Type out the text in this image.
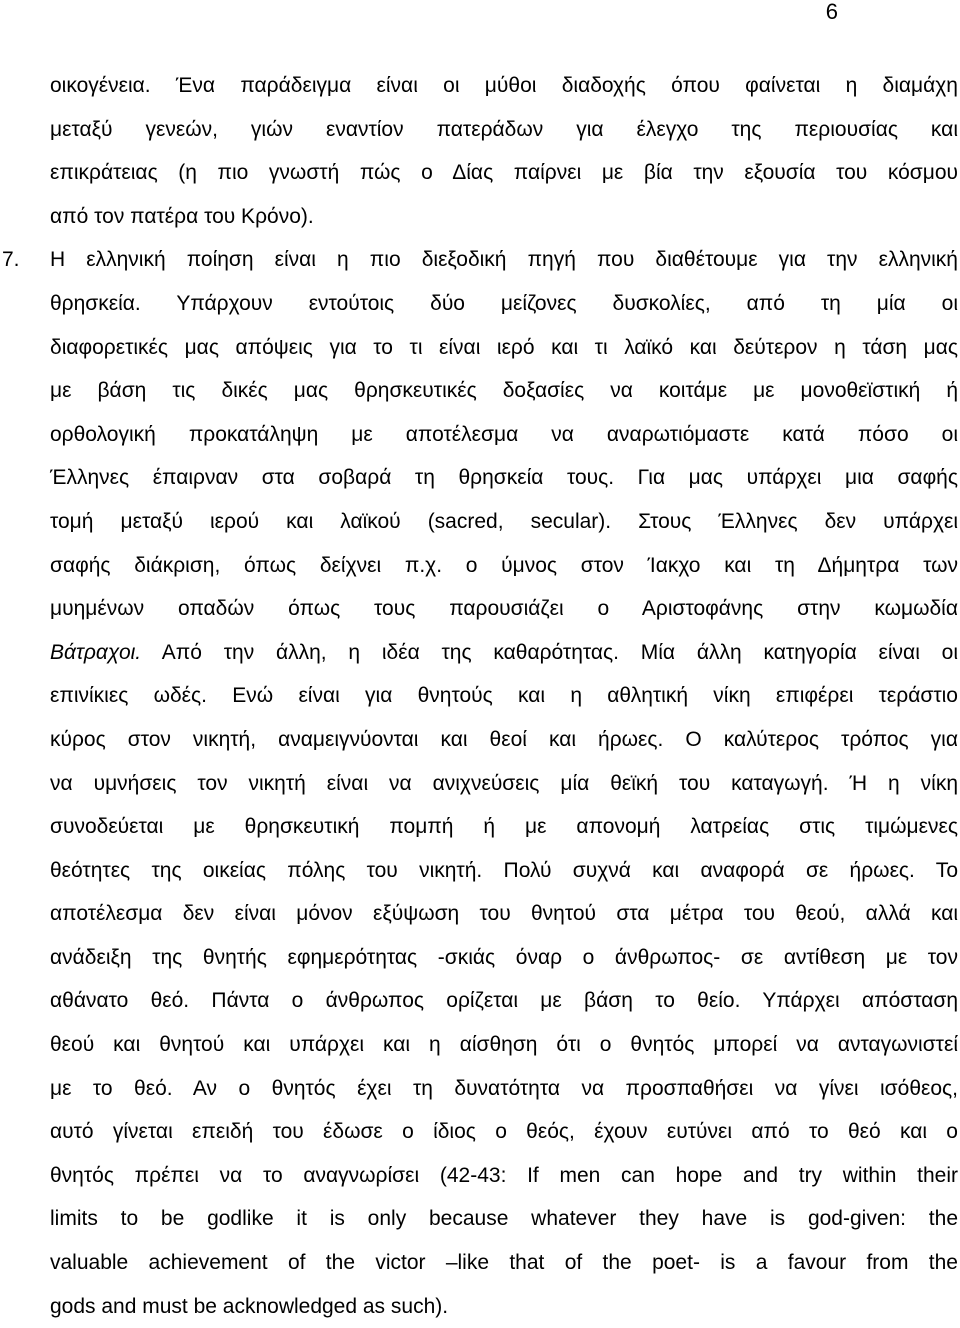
6
οικογένεια. Ένα παράδειγμα είναι οι μύθοι διαδοχής όπου φαίνεται η διαμάχη
μεταξύ γενεών, γιών εναντίον πατεράδων για έλεγχο της περιουσίας και
επικράτειας (η πιο γνωστή πώς ο Δίας παίρνει με βία την εξουσία του κόσμου
από τον πατέρα του Κρόνο).
7. Η ελληνική ποίηση είναι η πιο διεξοδική πηγή που διαθέτουμε για την ελληνική
θρησκεία. Υπάρχουν εντούτοις δύο μείζονες δυσκολίες, από τη μία οι
διαφορετικές μας απόψεις για το τι είναι ιερό και τι λαϊκό και δεύτερον η τάση μας
με βάση τις δικές μας θρησκευτικές δοξασίες να κοιτάμε με μονοθεϊστική ή
ορθολογική προκατάληψη με αποτέλεσμα να αναρωτιόμαστε κατά πόσο οι
Έλληνες έπαιρναν στα σοβαρά τη θρησκεία τους. Για μας υπάρχει μια σαφής
τομή μεταξύ ιερού και λαϊκού (sacred, secular). Στους Έλληνες δεν υπάρχει
σαφής διάκριση, όπως δείχνει π.χ. ο ύμνος στον Ίακχο και τη Δήμητρα των
μυημένων οπαδών όπως τους παρουσιάζει ο Αριστοφάνης στην κωμωδία
Βάτραχοι. Από την άλλη, η ιδέα της καθαρότητας. Μία άλλη κατηγορία είναι οι
επινίκιες ωδές. Ενώ είναι για θνητούς και η αθλητική νίκη επιφέρει τεράστιο
κύρος στον νικητή, αναμειγνύονται και θεοί και ήρωες. Ο καλύτερος τρόπος για
να υμνήσεις τον νικητή είναι να ανιχνεύσεις μία θεϊκή του καταγωγή. Ή η νίκη
συνοδεύεται με θρησκευτική πομπή ή με απονομή λατρείας στις τιμώμενες
θεότητες της οικείας πόλης του νικητή. Πολύ συχνά και αναφορά σε ήρωες. Το
αποτέλεσμα δεν είναι μόνον εξύψωση του θνητού στα μέτρα του θεού, αλλά και
ανάδειξη της θνητής εφημερότητας -σκιάς όναρ ο άνθρωπος- σε αντίθεση με τον
αθάνατο θεό. Πάντα ο άνθρωπος ορίζεται με βάση το θείο. Υπάρχει απόσταση
θεού και θνητού και υπάρχει και η αίσθηση ότι ο θνητός μπορεί να ανταγωνιστεί
με το θεό. Αν ο θνητός έχει τη δυνατότητα να προσπαθήσει να γίνει ισόθεος,
αυτό γίνεται επειδή του έδωσε ο ίδιος ο θεός, έχουν ευτύνει από το θεό και ο
θνητός πρέπει να το αναγνωρίσει (42-43: If men can hope and try within their
limits to be godlike it is only because whatever they have is god-given: the
valuable achievement of the victor –like that of the poet- is a favour from the
gods and must be acknowledged as such).
